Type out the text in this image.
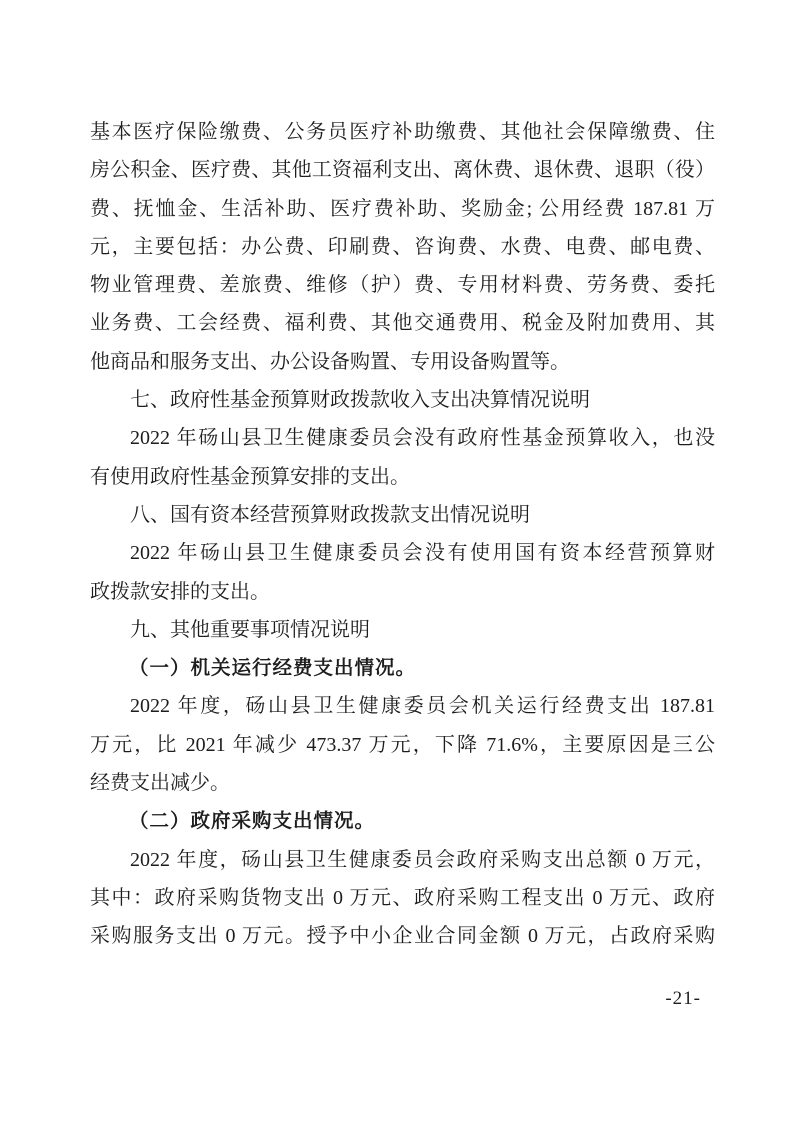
基本医疗保险缴费、公务员医疗补助缴费、其他社会保障缴费、住
房公积金、医疗费、其他工资福利支出、离休费、退休费、退职（役）
费、抚恤金、生活补助、医疗费补助、奖励金; 公用经费 187.81 万
元，主要包括：办公费、印刷费、咨询费、水费、电费、邮电费、
物业管理费、差旅费、维修（护）费、专用材料费、劳务费、委托
业务费、工会经费、福利费、其他交通费用、税金及附加费用、其
他商品和服务支出、办公设备购置、专用设备购置等。
七、政府性基金预算财政拨款收入支出决算情况说明
2022 年砀山县卫生健康委员会没有政府性基金预算收入，也没
有使用政府性基金预算安排的支出。
八、国有资本经营预算财政拨款支出情况说明
2022 年砀山县卫生健康委员会没有使用国有资本经营预算财
政拨款安排的支出。
九、其他重要事项情况说明
（一）机关运行经费支出情况。
2022 年度，砀山县卫生健康委员会机关运行经费支出 187.81
万元，比 2021 年减少 473.37 万元，下降 71.6%，主要原因是三公
经费支出减少。
（二）政府采购支出情况。
2022 年度，砀山县卫生健康委员会政府采购支出总额 0 万元，
其中：政府采购货物支出 0 万元、政府采购工程支出 0 万元、政府
采购服务支出 0 万元。授予中小企业合同金额 0 万元，占政府采购
-21-
